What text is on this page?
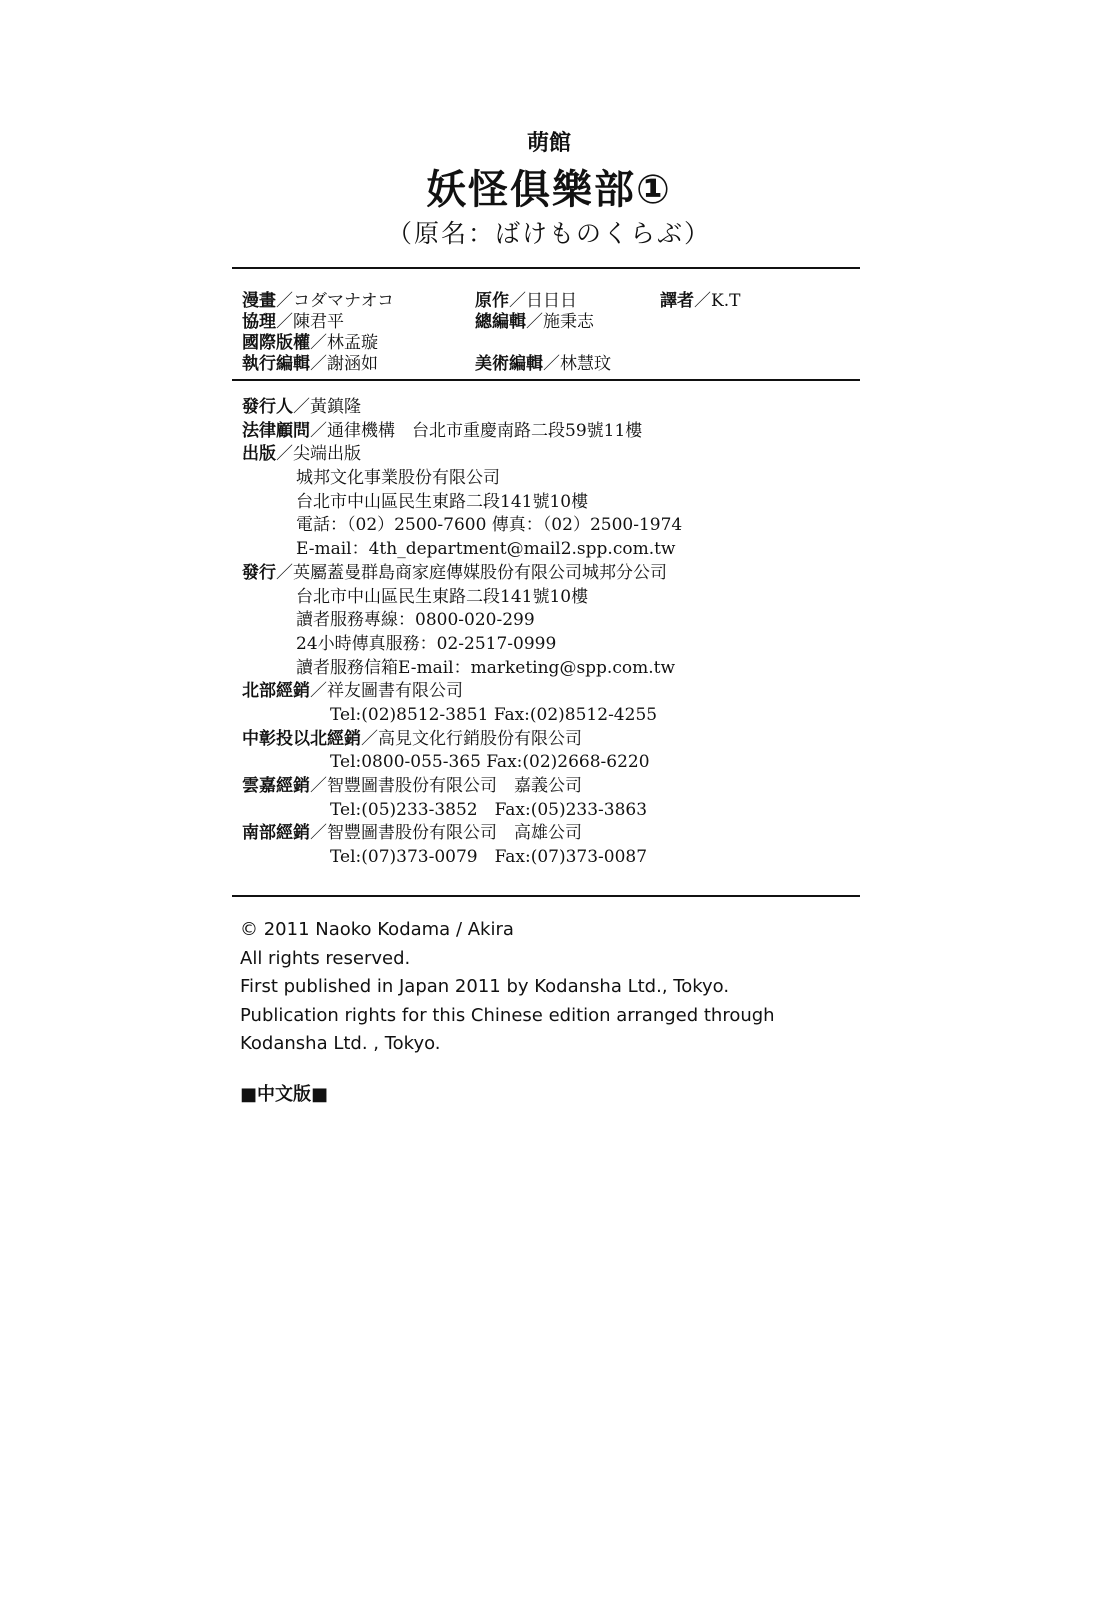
萌館
妖怪俱樂部①
（原名：ばけものくらぶ）
漫畫／コダマナオコ	原作／日日日	譯者／K.T
協理／陳君平	總編輯／施秉志
國際版權／林孟璇
執行編輯／謝涵如	美術編輯／林慧玟
發行人／黃鎮隆
法律顧問／通律機構　台北市重慶南路二段59號11樓
出版／尖端出版
城邦文化事業股份有限公司
台北市中山區民生東路二段141號10樓
電話：（02）2500-7600 傳真：（02）2500-1974
E-mail：4th_department@mail2.spp.com.tw
發行／英屬蓋曼群島商家庭傳媒股份有限公司城邦分公司
台北市中山區民生東路二段141號10樓
讀者服務專線：0800-020-299
24小時傳真服務：02-2517-0999
讀者服務信箱E-mail：marketing@spp.com.tw
北部經銷／祥友圖書有限公司
Tel:(02)8512-3851 Fax:(02)8512-4255
中彰投以北經銷／高見文化行銷股份有限公司
Tel:0800-055-365 Fax:(02)2668-6220
雲嘉經銷／智豐圖書股份有限公司　嘉義公司
Tel:(05)233-3852　Fax:(05)233-3863
南部經銷／智豐圖書股份有限公司　高雄公司
Tel:(07)373-0079　Fax:(07)373-0087
© 2011 Naoko Kodama / Akira
All rights reserved.
First published in Japan 2011 by Kodansha Ltd., Tokyo.
Publication rights for this Chinese edition arranged through
Kodansha Ltd. , Tokyo.
■中文版■
